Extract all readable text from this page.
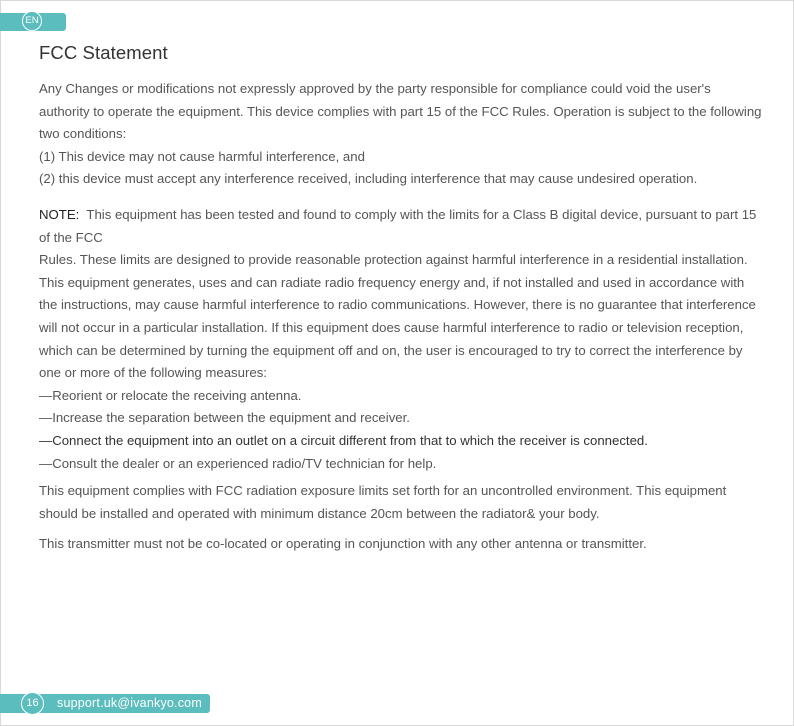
EN
FCC Statement

Any Changes or modifications not expressly approved by the party responsible for compliance could void the user's authority to operate the equipment. This device complies with part 15 of the FCC Rules. Operation is subject to the following two conditions:

(1) This device may not cause harmful interference, and

(2) this device must accept any interference received, including interference that may cause undesired operation.

NOTE: This equipment has been tested and found to comply with the limits for a Class B digital device, pursuant to part 15 of the FCC

Rules. These limits are designed to provide reasonable protection against harmful interference in a residential installation. This equipment generates, uses and can radiate radio frequency energy and, if not installed and used in accordance with the instructions, may cause harmful interference to radio communications. However, there is no guarantee that interference will not occur in a particular installation. If this equipment does cause harmful interference to radio or television reception, which can be determined by turning the equipment off and on, the user is encouraged to try to correct the interference by one or more of the following measures:

—Reorient or relocate the receiving antenna.

—Increase the separation between the equipment and receiver.

—Connect the equipment into an outlet on a circuit different from that to which the receiver is connected.

—Consult the dealer or an experienced radio/TV technician for help.

This equipment complies with FCC radiation exposure limits set forth for an uncontrolled environment. This equipment should be installed and operated with minimum distance 20cm between the radiator& your body.

This transmitter must not be co-located or operating in conjunction with any other antenna or transmitter.

16	support.uk@ivankyo.com
